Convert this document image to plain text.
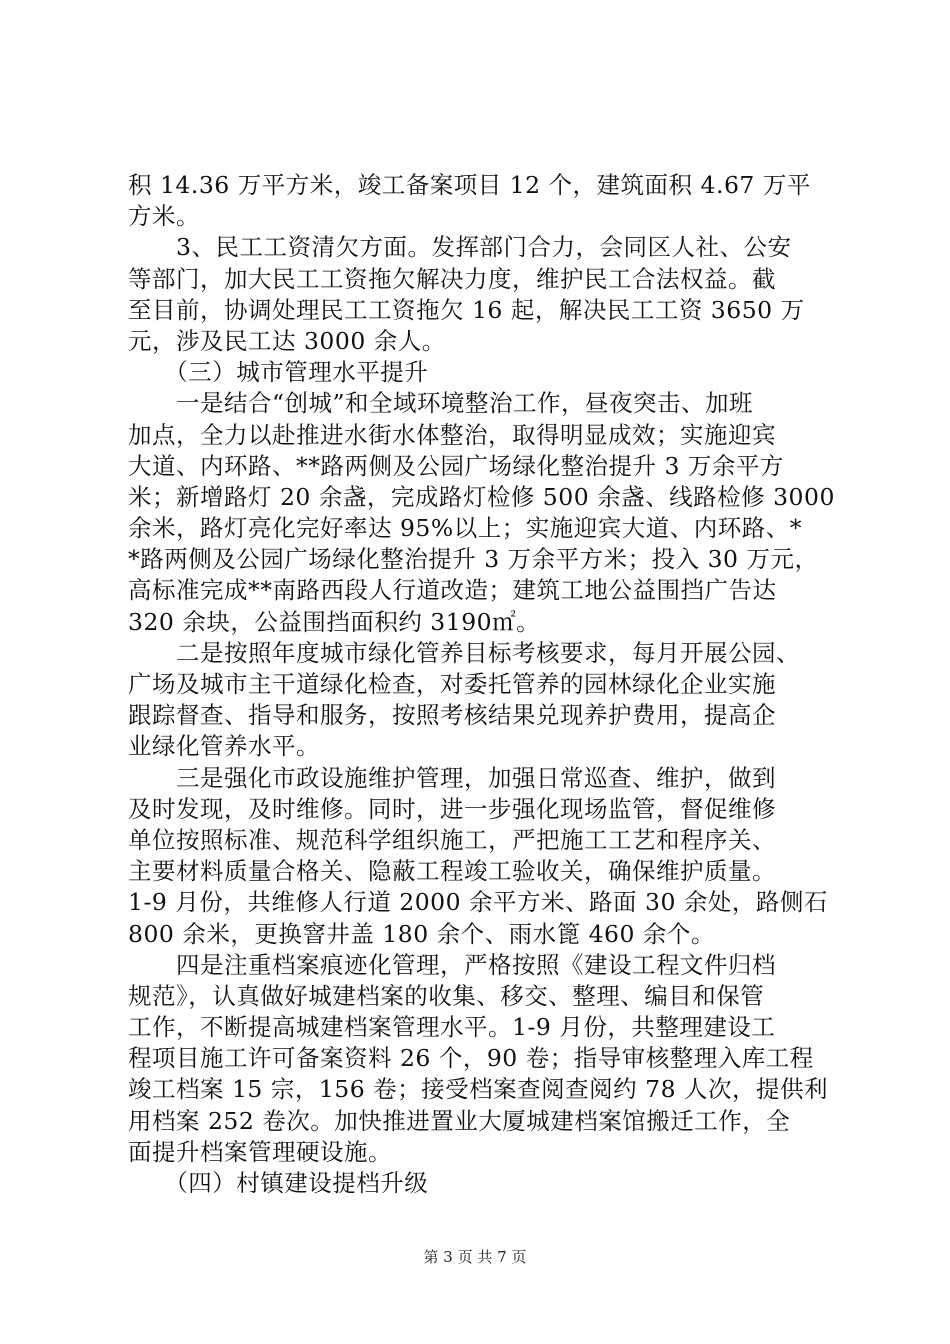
积 14.36 万平方米，竣工备案项目 12 个，建筑面积 4.67 万平
方米。
　　3、民工工资清欠方面。发挥部门合力，会同区人社、公安
等部门，加大民工工资拖欠解决力度，维护民工合法权益。截
至目前，协调处理民工工资拖欠 16 起，解决民工工资 3650 万
元，涉及民工达 3000 余人。
　　（三）城市管理水平提升
　　一是结合“创城”和全域环境整治工作，昼夜突击、加班
加点，全力以赴推进水街水体整治，取得明显成效；实施迎宾
大道、内环路、**路两侧及公园广场绿化整治提升 3 万余平方
米；新增路灯 20 余盏，完成路灯检修 500 余盏、线路检修 3000
余米，路灯亮化完好率达 95%以上；实施迎宾大道、内环路、*
*路两侧及公园广场绿化整治提升 3 万余平方米；投入 30 万元，
高标准完成**南路西段人行道改造；建筑工地公益围挡广告达
320 余块，公益围挡面积约 3190㎡。
　　二是按照年度城市绿化管养目标考核要求，每月开展公园、
广场及城市主干道绿化检查，对委托管养的园林绿化企业实施
跟踪督查、指导和服务，按照考核结果兑现养护费用，提高企
业绿化管养水平。
　　三是强化市政设施维护管理，加强日常巡查、维护，做到
及时发现，及时维修。同时，进一步强化现场监管，督促维修
单位按照标准、规范科学组织施工，严把施工工艺和程序关、
主要材料质量合格关、隐蔽工程竣工验收关，确保维护质量。
1-9 月份，共维修人行道 2000 余平方米、路面 30 余处，路侧石
800 余米，更换窨井盖 180 余个、雨水篦 460 余个。
　　四是注重档案痕迹化管理，严格按照《建设工程文件归档
规范》，认真做好城建档案的收集、移交、整理、编目和保管
工作，不断提高城建档案管理水平。1-9 月份，共整理建设工
程项目施工许可备案资料 26 个，90 卷；指导审核整理入库工程
竣工档案 15 宗，156 卷；接受档案查阅查阅约 78 人次，提供利
用档案 252 卷次。加快推进置业大厦城建档案馆搬迁工作，全
面提升档案管理硬设施。
　　（四）村镇建设提档升级
第 3 页 共 7 页
